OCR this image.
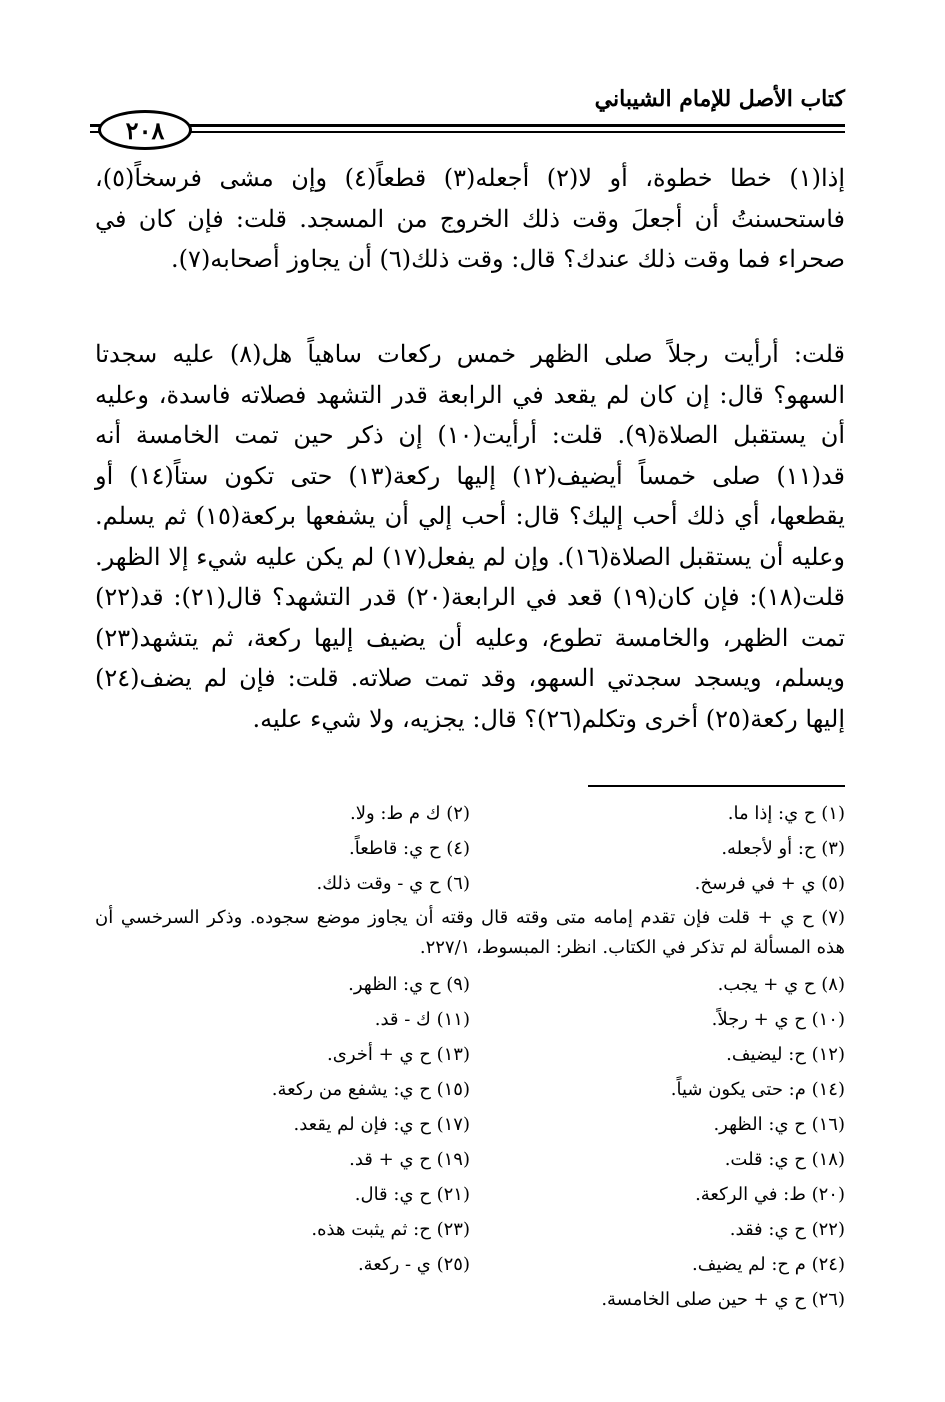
كتاب الأصل للإمام الشيباني
٢٠٨

إذا(١) خطا خطوة، أو لا(٢) أجعله(٣) قطعاً(٤) وإن مشى فرسخاً(٥)، فاستحسنتُ أن أجعلَ وقت ذلك الخروج من المسجد. قلت: فإن كان في صحراء فما وقت ذلك عندك؟ قال: وقت ذلك(٦) أن يجاوز أصحابه(٧).

قلت: أرأيت رجلاً صلى الظهر خمس ركعات ساهياً هل(٨) عليه سجدتا السهو؟ قال: إن كان لم يقعد في الرابعة قدر التشهد فصلاته فاسدة، وعليه أن يستقبل الصلاة(٩). قلت: أرأيت(١٠) إن ذكر حين تمت الخامسة أنه قد(١١) صلى خمساً أيضيف(١٢) إليها ركعة(١٣) حتى تكون ستاً(١٤) أو يقطعها، أي ذلك أحب إليك؟ قال: أحب إلي أن يشفعها بركعة(١٥) ثم يسلم. وعليه أن يستقبل الصلاة(١٦). وإن لم يفعل(١٧) لم يكن عليه شيء إلا الظهر. قلت(١٨): فإن كان(١٩) قعد في الرابعة(٢٠) قدر التشهد؟ قال(٢١): قد(٢٢) تمت الظهر، والخامسة تطوع، وعليه أن يضيف إليها ركعة، ثم يتشهد(٢٣) ويسلم، ويسجد سجدتي السهو، وقد تمت صلاته. قلت: فإن لم يضف(٢٤) إليها ركعة(٢٥) أخرى وتكلم(٢٦)؟ قال: يجزيه، ولا شيء عليه.

(١) ح ي: إذا ما.
(٢) ك م ط: ولا.
(٣) ح: أو لأجعله.
(٤) ح ي: قاطعاً.
(٥) ي + في فرسخ.
(٦) ح ي - وقت ذلك.
(٧) ح ي + قلت فإن تقدم إمامه متى وقته قال وقته أن يجاوز موضع سجوده. وذكر السرخسي أن هذه المسألة لم تذكر في الكتاب. انظر: المبسوط، ٢٢٧/١.
(٨) ح ي + يجب.
(٩) ح ي: الظهر.
(١٠) ح ي + رجلاً.
(١١) ك - قد.
(١٢) ح: ليضيف.
(١٣) ح ي + أخرى.
(١٤) م: حتى يكون شياً.
(١٥) ح ي: يشفع من ركعة.
(١٦) ح ي: الظهر.
(١٧) ح ي: فإن لم يقعد.
(١٨) ح ي: قلت.
(١٩) ح ي + قد.
(٢٠) ط: في الركعة.
(٢١) ح ي: قال.
(٢٢) ح ي: فقد.
(٢٣) ح: ثم يثبت هذه.
(٢٤) م ح: لم يضيف.
(٢٥) ي - ركعة.
(٢٦) ح ي + حين صلى الخامسة.
